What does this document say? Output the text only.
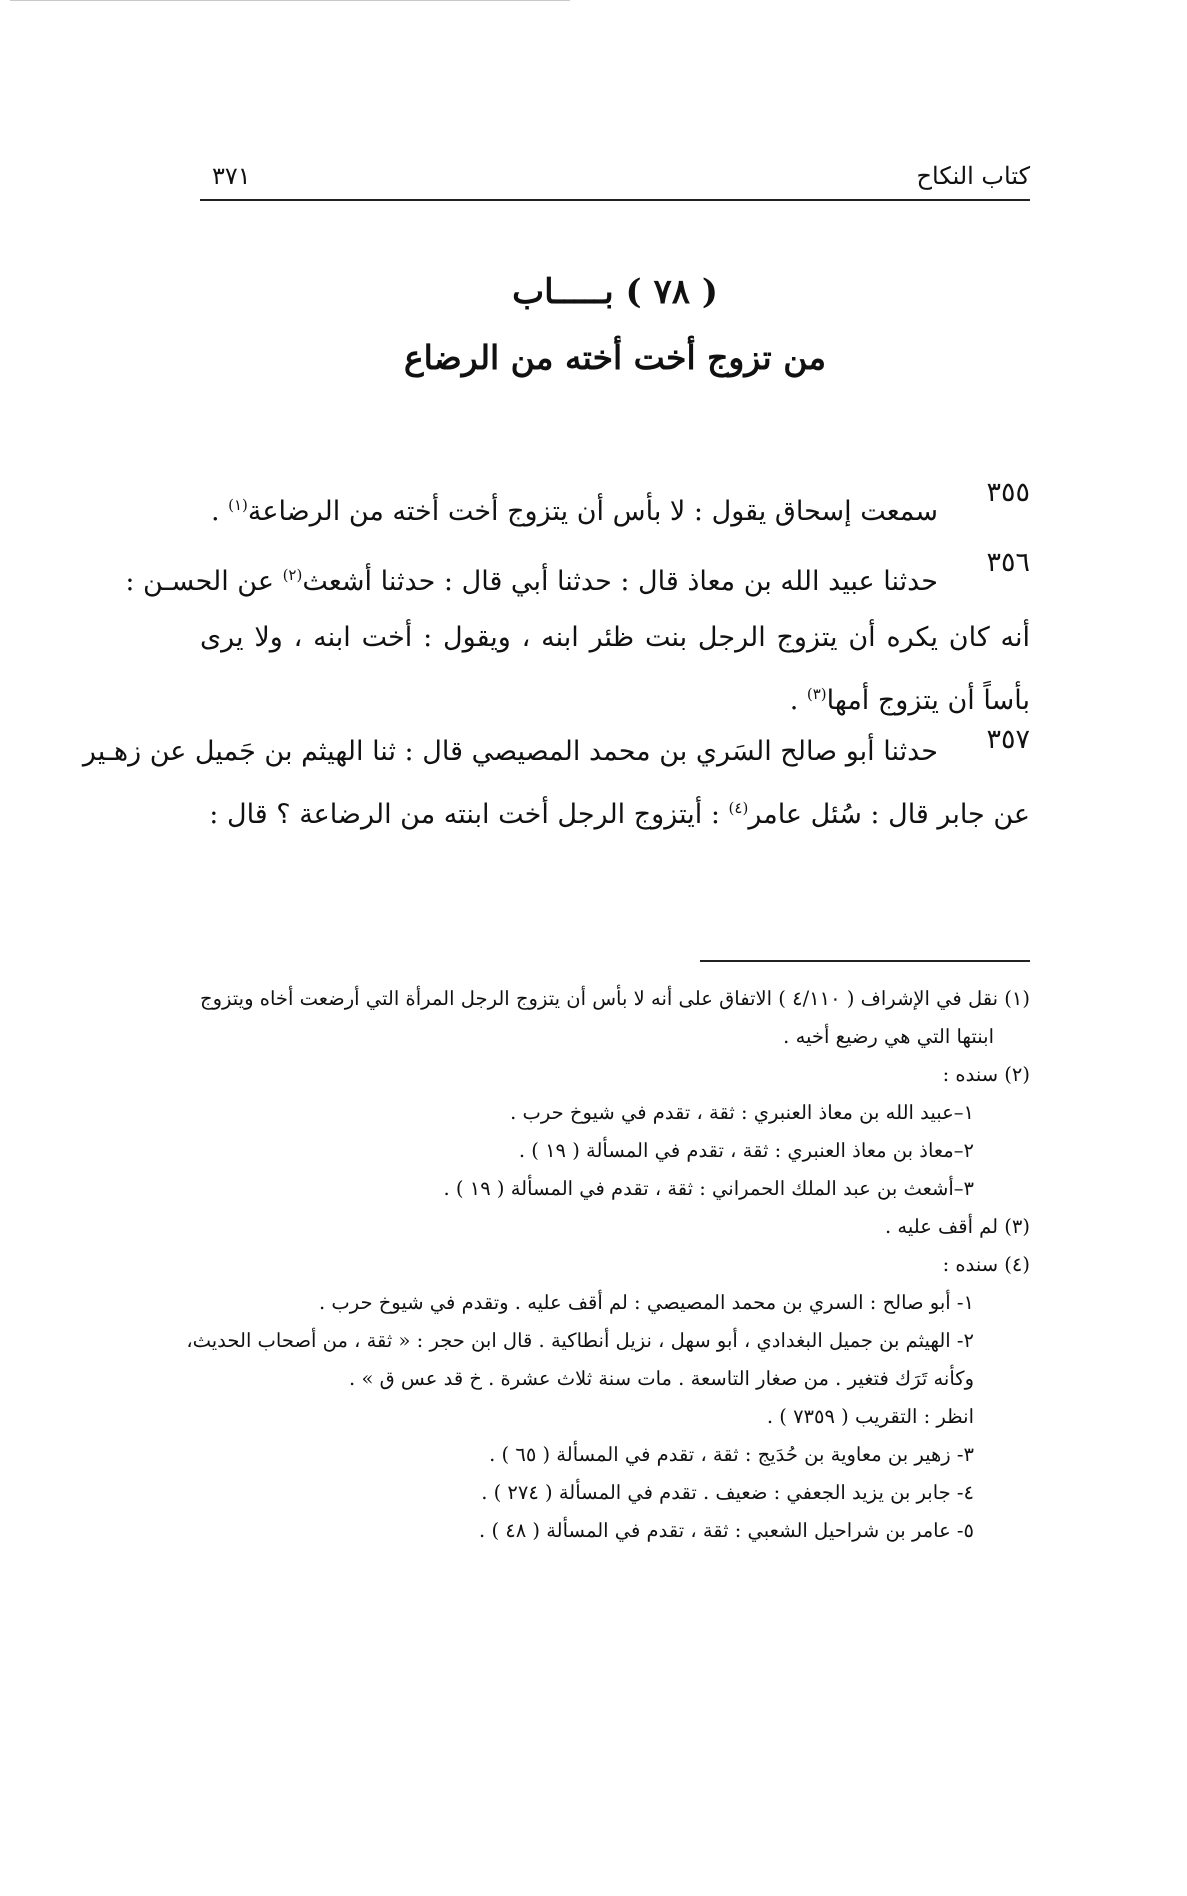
كتاب النكاح
٣٧١
( ٧٨ ) بـــــاب
من تزوج أخت أخته من الرضاع
٣٥٥
سمعت إسحاق يقول : لا بأس أن يتزوج أخت أخته من الرضاعة$^{(١)}$ .
٣٥٦
حدثنا عبيد الله بن معاذ قال : حدثنا أبي قال : حدثنا أشعث$^{(٢)}$ عن الحسـن :
أنه كان يكره أن يتزوج الرجل بنت ظئر ابنه ، ويقول : أخت ابنه ، ولا يرى
بأساً أن يتزوج أمها$^{(٣)}$ .
٣٥٧
حدثنا أبو صالح السَري بن محمد المصيصي قال : ثنا الهيثم بن جَميل عن زهـير
عن جابر قال : سُئل عامر$^{(٤)}$ : أيتزوج الرجل أخت ابنته من الرضاعة ؟ قال :
(١) نقل في الإشراف ( ٤/١١٠ ) الاتفاق على أنه لا بأس أن يتزوج الرجل المرأة التي أرضعت أخاه ويتزوج
ابنتها التي هي رضيع أخيه .
(٢) سنده :
١–عبيد الله بن معاذ العنبري : ثقة ، تقدم في شيوخ حرب .
٢–معاذ بن معاذ العنبري : ثقة ، تقدم في المسألة ( ١٩ ) .
٣–أشعث بن عبد الملك الحمراني : ثقة ، تقدم في المسألة ( ١٩ ) .
(٣) لم أقف عليه .
(٤) سنده :
١- أبو صالح : السري بن محمد المصيصي : لم أقف عليه . وتقدم في شيوخ حرب .
٢- الهيثم بن جميل البغدادي ، أبو سهل ، نزيل أنطاكية . قال ابن حجر : « ثقة ، من أصحاب الحديث،
وكأنه تَرَك فتغير . من صغار التاسعة . مات سنة ثلاث عشرة . خ قد عس ق » .
انظر : التقريب ( ٧٣٥٩ ) .
٣- زهير بن معاوية بن حُدَيج : ثقة ، تقدم في المسألة ( ٦٥ ) .
٤- جابر بن يزيد الجعفي : ضعيف . تقدم في المسألة ( ٢٧٤ ) .
٥- عامر بن شراحيل الشعبي : ثقة ، تقدم في المسألة ( ٤٨ ) .
